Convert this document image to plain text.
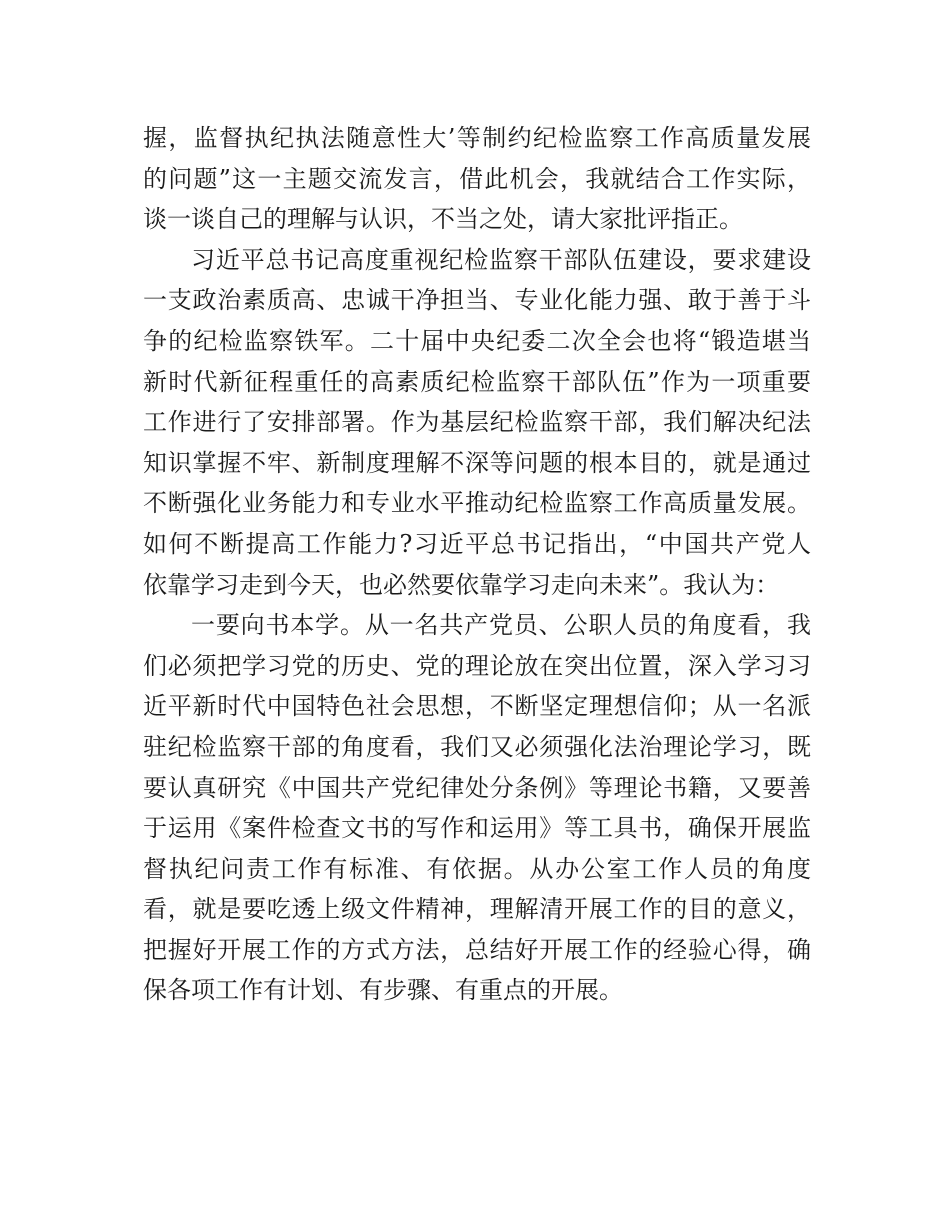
握，监督执纪执法随意性大’等制约纪检监察工作高质量发展
的问题”这一主题交流发言，借此机会，我就结合工作实际，
谈一谈自己的理解与认识，不当之处，请大家批评指正。

习近平总书记高度重视纪检监察干部队伍建设，要求建设
一支政治素质高、忠诚干净担当、专业化能力强、敢于善于斗
争的纪检监察铁军。二十届中央纪委二次全会也将“锻造堪当
新时代新征程重任的高素质纪检监察干部队伍”作为一项重要
工作进行了安排部署。作为基层纪检监察干部，我们解决纪法
知识掌握不牢、新制度理解不深等问题的根本目的，就是通过
不断强化业务能力和专业水平推动纪检监察工作高质量发展。
如何不断提高工作能力?习近平总书记指出，“中国共产党人
依靠学习走到今天，也必然要依靠学习走向未来”。我认为：

一要向书本学。从一名共产党员、公职人员的角度看，我
们必须把学习党的历史、党的理论放在突出位置，深入学习习
近平新时代中国特色社会思想，不断坚定理想信仰；从一名派
驻纪检监察干部的角度看，我们又必须强化法治理论学习，既
要认真研究《中国共产党纪律处分条例》等理论书籍，又要善
于运用《案件检查文书的写作和运用》等工具书，确保开展监
督执纪问责工作有标准、有依据。从办公室工作人员的角度
看，就是要吃透上级文件精神，理解清开展工作的目的意义，
把握好开展工作的方式方法，总结好开展工作的经验心得，确
保各项工作有计划、有步骤、有重点的开展。
